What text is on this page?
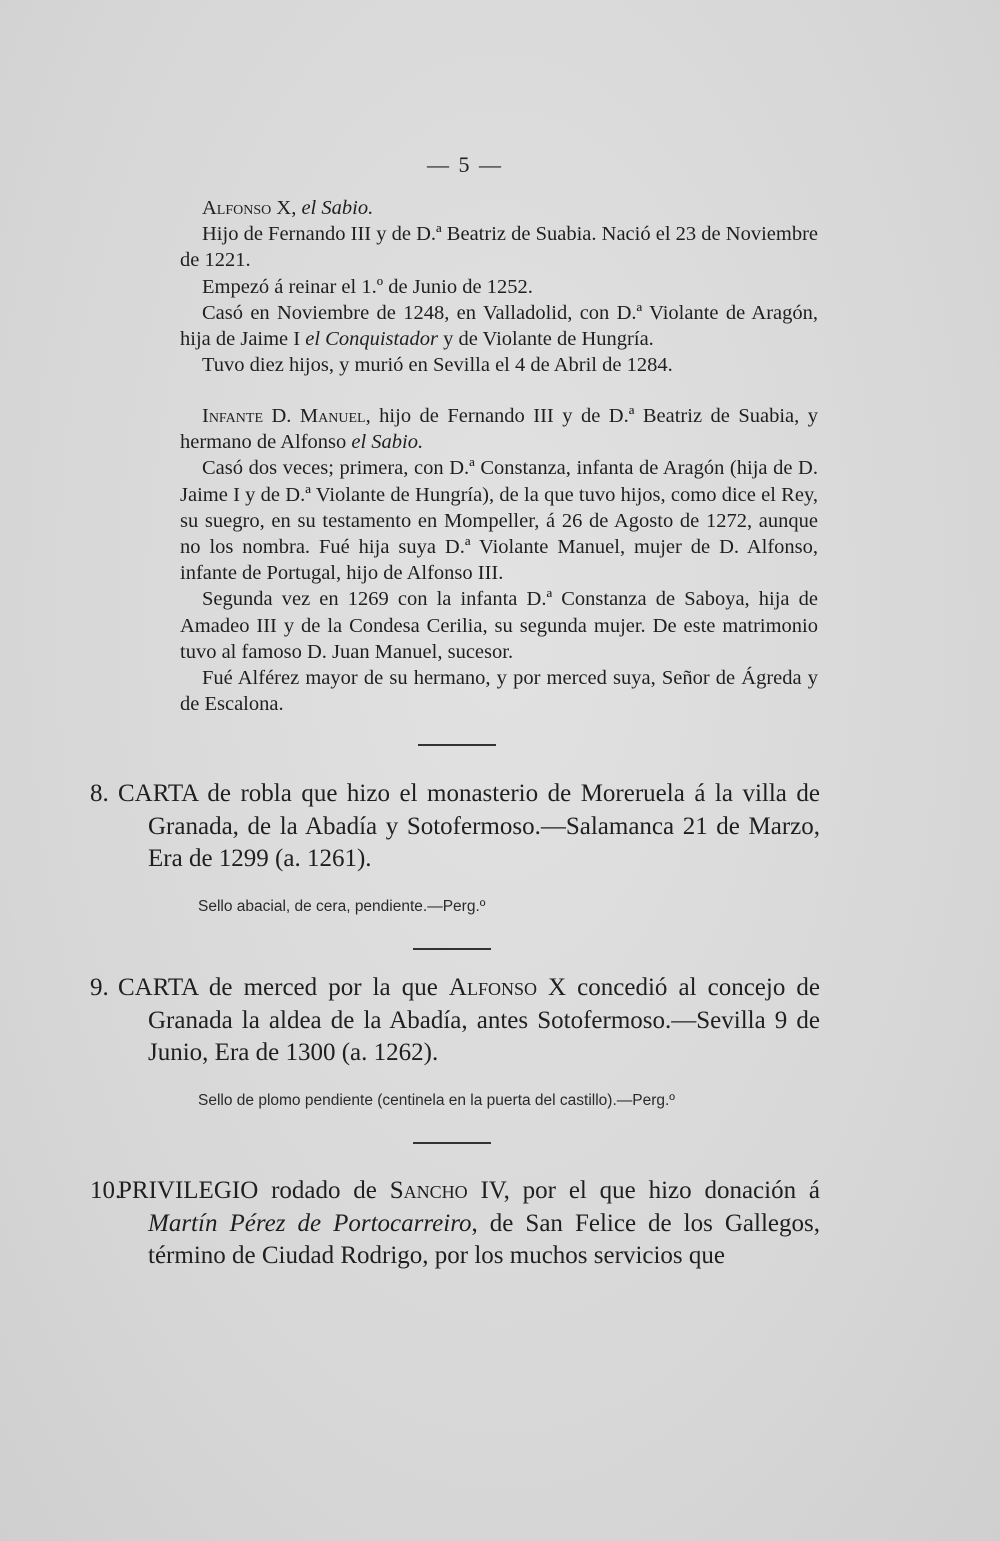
— 5 —

Alfonso X, el Sabio.

Hijo de Fernando III y de D.ª Beatriz de Suabia. Nació el 23 de Noviembre de 1221.

Empezó á reinar el 1.º de Junio de 1252.

Casó en Noviembre de 1248, en Valladolid, con D.ª Violante de Aragón, hija de Jaime I el Conquistador y de Violante de Hungría.

Tuvo diez hijos, y murió en Sevilla el 4 de Abril de 1284.

Infante D. Manuel, hijo de Fernando III y de D.ª Beatriz de Suabia, y hermano de Alfonso el Sabio.

Casó dos veces; primera, con D.ª Constanza, infanta de Aragón (hija de D. Jaime I y de D.ª Violante de Hungría), de la que tuvo hijos, como dice el Rey, su suegro, en su testamento en Mompeller, á 26 de Agosto de 1272, aunque no los nombra. Fué hija suya D.ª Violante Manuel, mujer de D. Alfonso, infante de Portugal, hijo de Alfonso III.

Segunda vez en 1269 con la infanta D.ª Constanza de Saboya, hija de Amadeo III y de la Condesa Cerilia, su segunda mujer. De este matrimonio tuvo al famoso D. Juan Manuel, sucesor.

Fué Alférez mayor de su hermano, y por merced suya, Señor de Ágreda y de Escalona.

8. CARTA de robla que hizo el monasterio de Moreruela á la villa de Granada, de la Abadía y Sotofermoso.—Salamanca 21 de Marzo, Era de 1299 (a. 1261).

Sello abacial, de cera, pendiente.—Perg.º

9. CARTA de merced por la que Alfonso X concedió al concejo de Granada la aldea de la Abadía, antes Sotofermoso.—Sevilla 9 de Junio, Era de 1300 (a. 1262).

Sello de plomo pendiente (centinela en la puerta del castillo).—Perg.º

10.PRIVILEGIO rodado de Sancho IV, por el que hizo donación á Martín Pérez de Portocarreiro, de San Felice de los Gallegos, término de Ciudad Rodrigo, por los muchos servicios que
